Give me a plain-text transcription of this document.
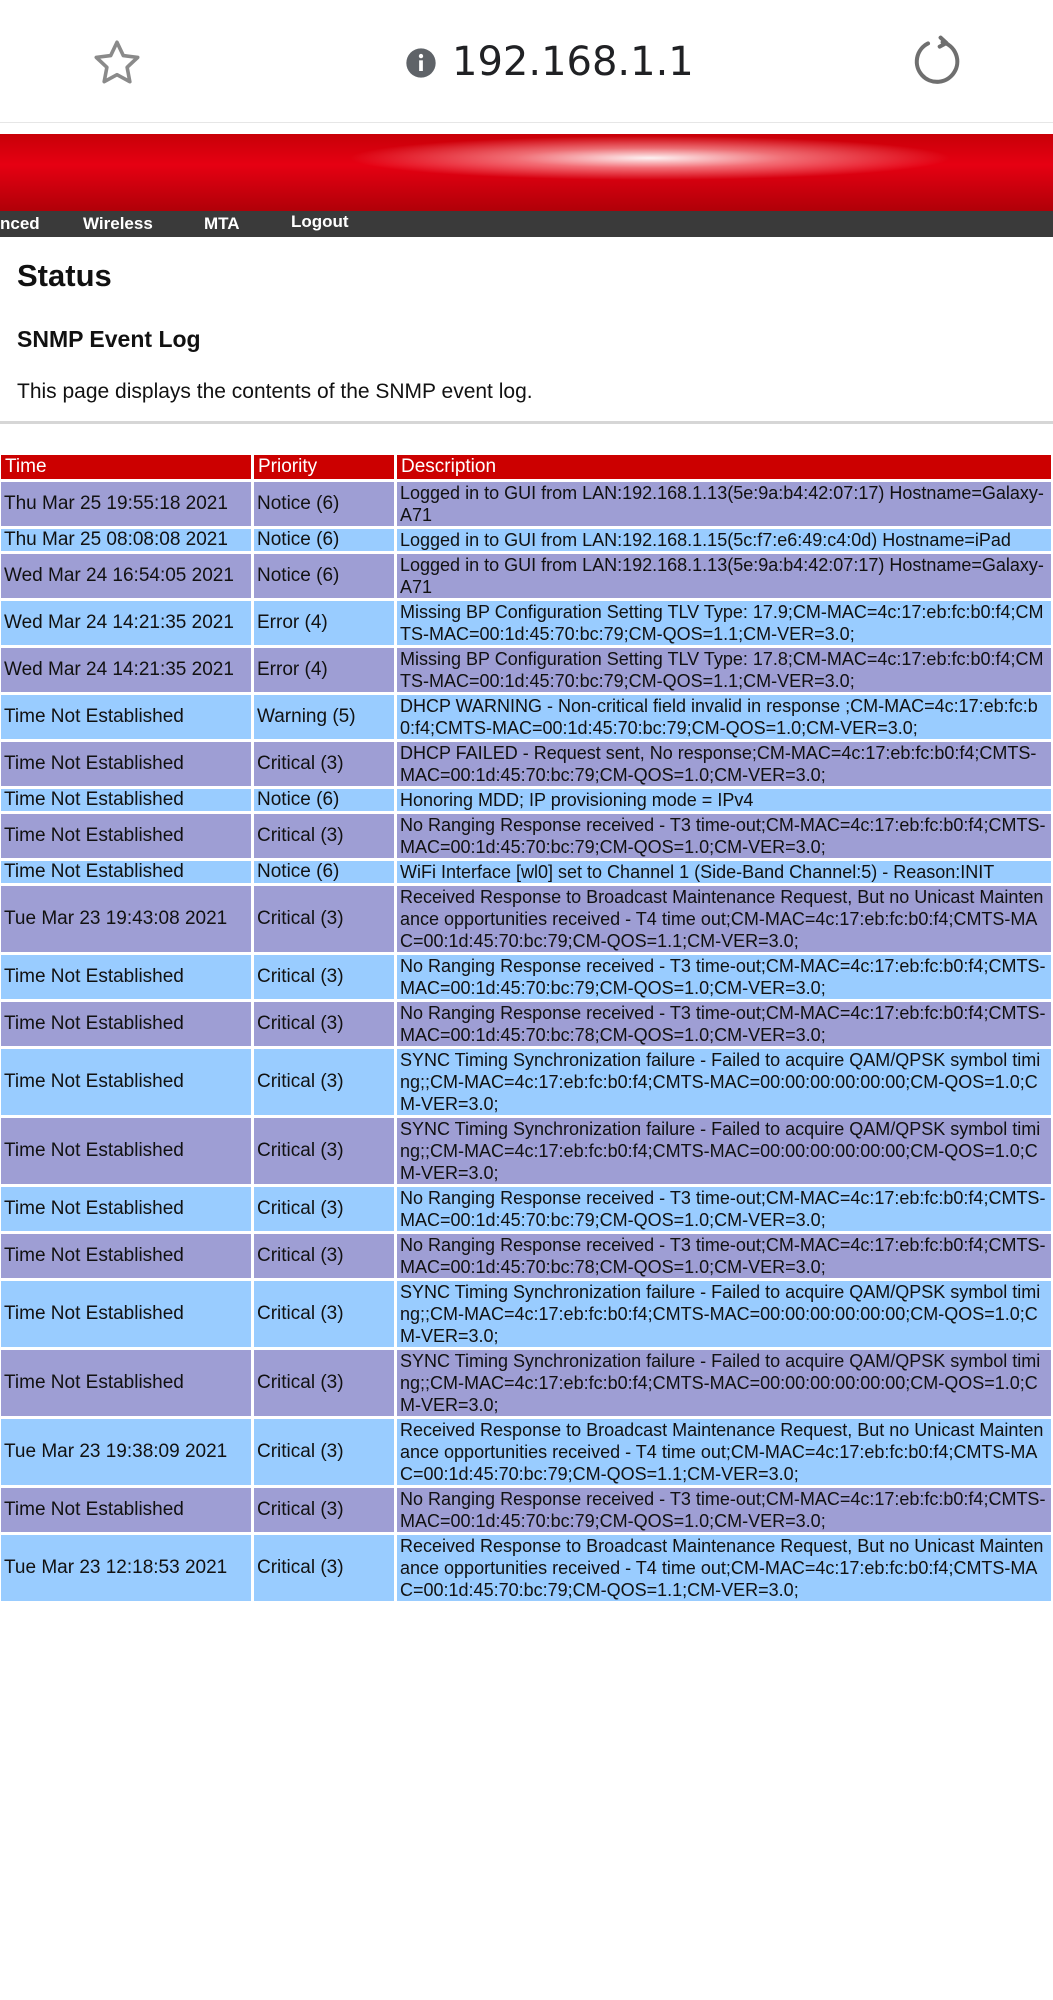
192.168.1.1
nced	Wireless	MTA	Logout
Status
SNMP Event Log

This page displays the contents of the SNMP event log.

Time	Priority	Description
Thu Mar 25 19:55:18 2021	Notice (6)	Logged in to GUI from LAN:192.168.1.13(5e:9a:b4:42:07:17) Hostname=Galaxy-A71
Thu Mar 25 08:08:08 2021	Notice (6)	Logged in to GUI from LAN:192.168.1.15(5c:f7:e6:49:c4:0d) Hostname=iPad
Wed Mar 24 16:54:05 2021	Notice (6)	Logged in to GUI from LAN:192.168.1.13(5e:9a:b4:42:07:17) Hostname=Galaxy-A71
Wed Mar 24 14:21:35 2021	Error (4)	Missing BP Configuration Setting TLV Type: 17.9;CM-MAC=4c:17:eb:fc:b0:f4;CMTS-MAC=00:1d:45:70:bc:79;CM-QOS=1.1;CM-VER=3.0;
Wed Mar 24 14:21:35 2021	Error (4)	Missing BP Configuration Setting TLV Type: 17.8;CM-MAC=4c:17:eb:fc:b0:f4;CMTS-MAC=00:1d:45:70:bc:79;CM-QOS=1.1;CM-VER=3.0;
Time Not Established	Warning (5)	DHCP WARNING - Non-critical field invalid in response ;CM-MAC=4c:17:eb:fc:b0:f4;CMTS-MAC=00:1d:45:70:bc:79;CM-QOS=1.0;CM-VER=3.0;
Time Not Established	Critical (3)	DHCP FAILED - Request sent, No response;CM-MAC=4c:17:eb:fc:b0:f4;CMTS-MAC=00:1d:45:70:bc:79;CM-QOS=1.0;CM-VER=3.0;
Time Not Established	Notice (6)	Honoring MDD; IP provisioning mode = IPv4
Time Not Established	Critical (3)	No Ranging Response received - T3 time-out;CM-MAC=4c:17:eb:fc:b0:f4;CMTS-MAC=00:1d:45:70:bc:79;CM-QOS=1.0;CM-VER=3.0;
Time Not Established	Notice (6)	WiFi Interface [wl0] set to Channel 1 (Side-Band Channel:5) - Reason:INIT
Tue Mar 23 19:43:08 2021	Critical (3)	Received Response to Broadcast Maintenance Request, But no Unicast Maintenance opportunities received - T4 time out;CM-MAC=4c:17:eb:fc:b0:f4;CMTS-MAC=00:1d:45:70:bc:79;CM-QOS=1.1;CM-VER=3.0;
Time Not Established	Critical (3)	No Ranging Response received - T3 time-out;CM-MAC=4c:17:eb:fc:b0:f4;CMTS-MAC=00:1d:45:70:bc:79;CM-QOS=1.0;CM-VER=3.0;
Time Not Established	Critical (3)	No Ranging Response received - T3 time-out;CM-MAC=4c:17:eb:fc:b0:f4;CMTS-MAC=00:1d:45:70:bc:78;CM-QOS=1.0;CM-VER=3.0;
Time Not Established	Critical (3)	SYNC Timing Synchronization failure - Failed to acquire QAM/QPSK symbol timing;;CM-MAC=4c:17:eb:fc:b0:f4;CMTS-MAC=00:00:00:00:00:00;CM-QOS=1.0;CM-VER=3.0;
Time Not Established	Critical (3)	SYNC Timing Synchronization failure - Failed to acquire QAM/QPSK symbol timing;;CM-MAC=4c:17:eb:fc:b0:f4;CMTS-MAC=00:00:00:00:00:00;CM-QOS=1.0;CM-VER=3.0;
Time Not Established	Critical (3)	No Ranging Response received - T3 time-out;CM-MAC=4c:17:eb:fc:b0:f4;CMTS-MAC=00:1d:45:70:bc:79;CM-QOS=1.0;CM-VER=3.0;
Time Not Established	Critical (3)	No Ranging Response received - T3 time-out;CM-MAC=4c:17:eb:fc:b0:f4;CMTS-MAC=00:1d:45:70:bc:78;CM-QOS=1.0;CM-VER=3.0;
Time Not Established	Critical (3)	SYNC Timing Synchronization failure - Failed to acquire QAM/QPSK symbol timing;;CM-MAC=4c:17:eb:fc:b0:f4;CMTS-MAC=00:00:00:00:00:00;CM-QOS=1.0;CM-VER=3.0;
Time Not Established	Critical (3)	SYNC Timing Synchronization failure - Failed to acquire QAM/QPSK symbol timing;;CM-MAC=4c:17:eb:fc:b0:f4;CMTS-MAC=00:00:00:00:00:00;CM-QOS=1.0;CM-VER=3.0;
Tue Mar 23 19:38:09 2021	Critical (3)	Received Response to Broadcast Maintenance Request, But no Unicast Maintenance opportunities received - T4 time out;CM-MAC=4c:17:eb:fc:b0:f4;CMTS-MAC=00:1d:45:70:bc:79;CM-QOS=1.1;CM-VER=3.0;
Time Not Established	Critical (3)	No Ranging Response received - T3 time-out;CM-MAC=4c:17:eb:fc:b0:f4;CMTS-MAC=00:1d:45:70:bc:79;CM-QOS=1.0;CM-VER=3.0;
Tue Mar 23 12:18:53 2021	Critical (3)	Received Response to Broadcast Maintenance Request, But no Unicast Maintenance opportunities received - T4 time out;CM-MAC=4c:17:eb:fc:b0:f4;CMTS-MAC=00:1d:45:70:bc:79;CM-QOS=1.1;CM-VER=3.0;
